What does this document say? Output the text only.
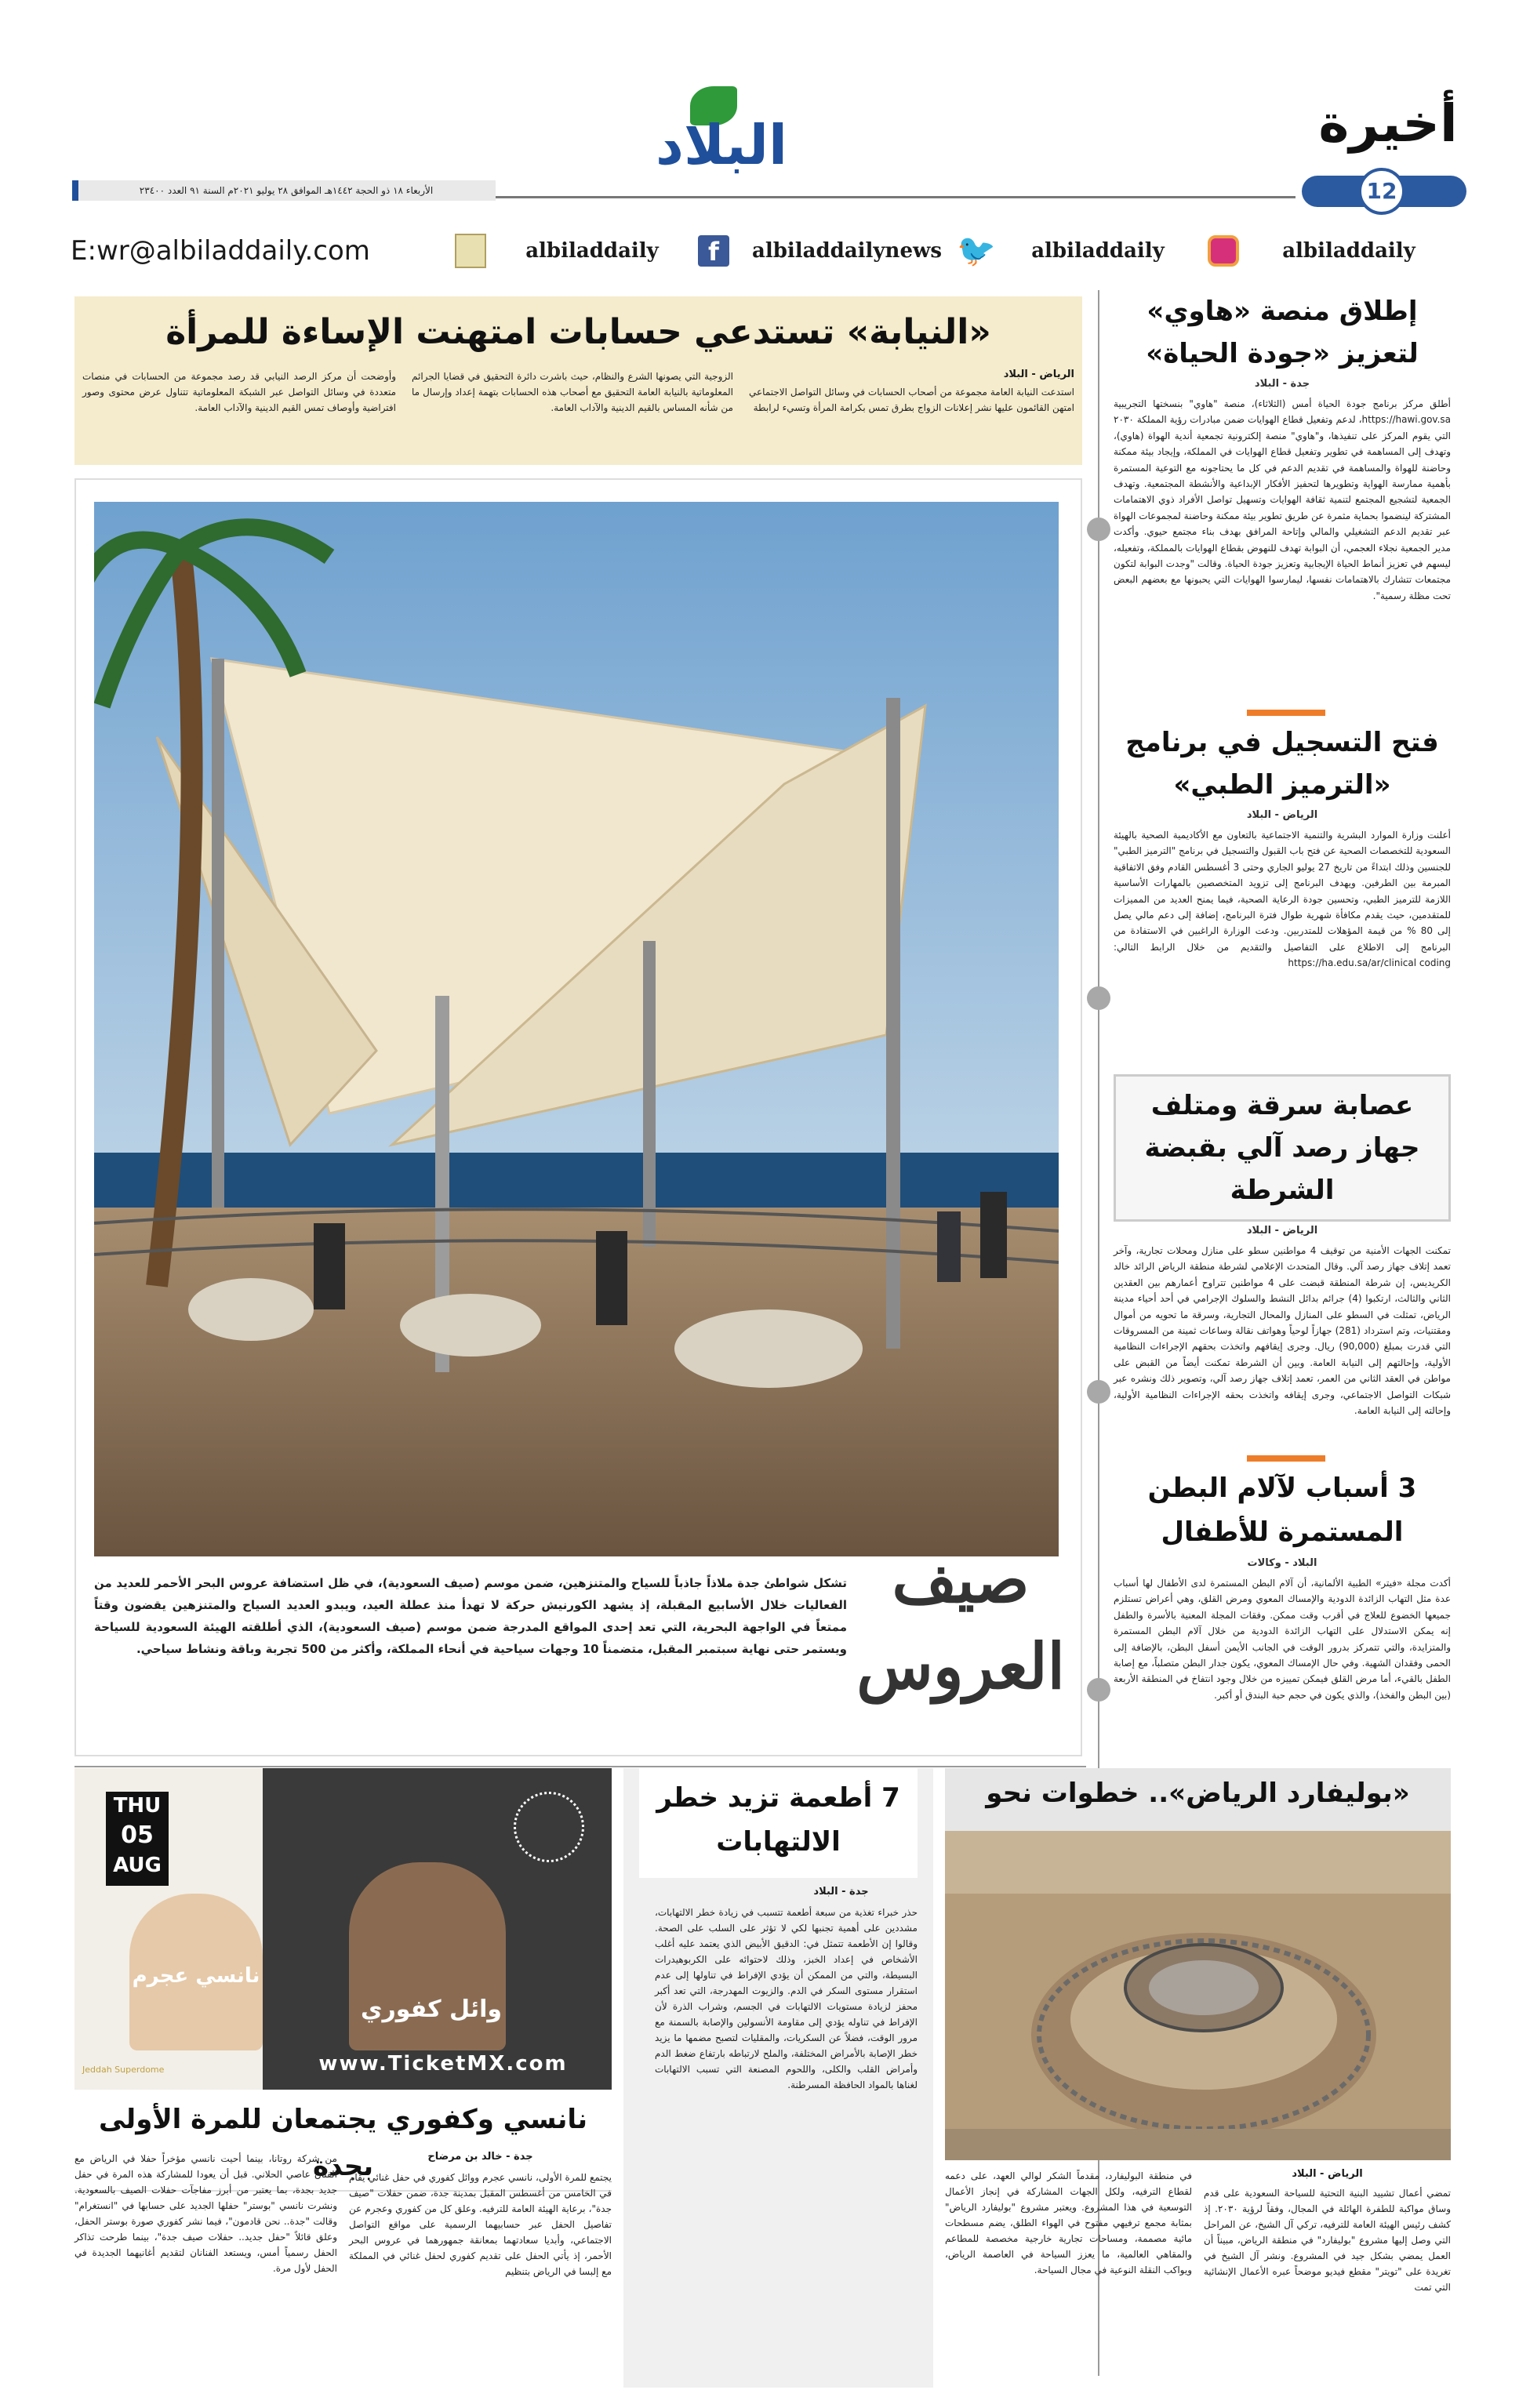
أخيرة
12
البلاد
الأربعاء ١٨ ذو الحجة ١٤٤٢هـ الموافق ٢٨ يوليو ٢٠٢١م السنة ٩١ العدد ٢٣٤٠٠
albiladdaily
🐦	albiladdaily
f	albiladdailynews
albiladdaily
E:wr@albiladdaily.com
إطلاق منصة «هاوي» لتعزيز «جودة الحياة»
جدة - البلاد
أطلق مركز برنامج جودة الحياة أمس (الثلاثاء)، منصة "هاوي" بنسختها التجريبية https://hawi.gov.sa، لدعم وتفعيل قطاع الهوايات ضمن مبادرات رؤية المملكة ٢٠٣٠ التي يقوم المركز على تنفيذها، و"هاوي" منصة إلكترونية تجمعية أندية الهواة (هاوي)، وتهدف إلى المساهمة في تطوير وتفعيل قطاع الهوايات في المملكة، وإيجاد بيئة ممكنة وحاضنة للهواة والمساهمة في تقديم الدعم في كل ما يحتاجونه مع التوعية المستمرة بأهمية ممارسة الهواية وتطويرها لتحفيز الأفكار الإبداعية والأنشطة المجتمعية. وتهدف الجمعية لتشجيع المجتمع لتنمية ثقافة الهوايات وتسهيل تواصل الأفراد ذوي الاهتمامات المشتركة لينضموا بحماية مثمرة عن طريق تطوير بيئة ممكنة وحاضنة لمجموعات الهواة عبر تقديم الدعم التشغيلي والمالي وإتاحة المرافق بهدف بناء مجتمع حيوي. وأكدت مدير الجمعية نجلاء العجمي، أن البوابة تهدف للنهوض بقطاع الهوايات بالمملكة، وتفعيله، ليسهم في تعزيز أنماط الحياة الإيجابية وتعزيز جودة الحياة. وقالت "وجدت البوابة لتكون مجتمعات تتشارك بالاهتمامات نفسها، ليمارسوا الهوايات التي يحبونها مع بعضهم البعض تحت مظلة رسمية".
فتح التسجيل في برنامج «الترميز الطبي»
الرياض - البلاد
أعلنت وزارة الموارد البشرية والتنمية الاجتماعية بالتعاون مع الأكاديمية الصحية بالهيئة السعودية للتخصصات الصحية عن فتح باب القبول والتسجيل في برنامج "الترميز الطبي" للجنسين وذلك ابتداءً من تاريخ 27 يوليو الجاري وحتى 3 أغسطس القادم وفق الاتفاقية المبرمة بين الطرفين. ويهدف البرنامج إلى تزويد المتخصصين بالمهارات الأساسية اللازمة للترميز الطبي، وتحسين جودة الرعاية الصحية، فيما يمنح العديد من المميزات للمتقدمين، حيث يقدم مكافأة شهرية طوال فترة البرنامج، إضافة إلى دعم مالي يصل إلى 80 % من قيمة المؤهلات للمتدربين. ودعت الوزارة الراغبين في الاستفادة من البرنامج إلى الاطلاع على التفاصيل والتقديم من خلال الرابط التالي: https://ha.edu.sa/ar/clinical coding
عصابة سرقة ومتلف جهاز رصد آلي بقبضة الشرطة
الرياض - البلاد
تمكنت الجهات الأمنية من توقيف 4 مواطنين سطو على منازل ومحلات تجارية، وآخر تعمد إتلاف جهاز رصد آلي. وقال المتحدث الإعلامي لشرطة منطقة الرياض الرائد خالد الكريديس، إن شرطة المنطقة قبضت على 4 مواطنين تتراوح أعمارهم بين العقدين الثاني والثالث، ارتكبوا (4) جرائم بدائل النشط والسلوك الإجرامي في أحد أحياء مدينة الرياض، تمثلت في السطو على المنازل والمحال التجارية، وسرقة ما تحويه من أموال ومقتنيات، وتم استرداد (281) جهازاً لوحياً وهواتف نقالة وساعات ثمينة من المسروقات التي قدرت بمبلغ (90,000) ريال. وجرى إيقافهم واتخذت بحقهم الإجراءات النظامية الأولية، وإحالتهم إلى النيابة العامة. وبين أن الشرطة تمكنت أيضاً من القبض على مواطن في العقد الثاني من العمر، تعمد إتلاف جهاز رصد آلي، وتصوير ذلك ونشره عبر شبكات التواصل الاجتماعي، وجرى إيقافه واتخذت بحقه الإجراءات النظامية الأولية، وإحالته إلى النيابة العامة.
3 أسباب لآلام البطن المستمرة للأطفال
البلاد - وكالات
أكدت مجلة «فيتر» الطبية الألمانية، أن آلام البطن المستمرة لدى الأطفال لها أسباب عدة مثل التهاب الزائدة الدودية والإمساك المعوي ومرض القلق، وهي أعراض تستلزم جميعها الخضوع للعلاج في أقرب وقت ممكن. وفقات المجلة المعنية بالأسرة والطفل إنه يمكن الاستدلال على التهاب الزائدة الدودية من خلال آلام البطن المستمرة والمتزايدة، والتي تتمركز بدرور الوقت في الجانب الأيمن أسفل البطن، بالإضافة إلى الحمى وفقدان الشهية. وفي حال الإمساك المعوي، يكون جدار البطن متصلباً، مع إصابة الطفل بالقيء، أما مرض القلق فيمكن تمييزه من خلال وجود انتفاخ في المنطقة الأربعة (بين البطن والفخذ)، والذي يكون في حجم حبة البندق أو أكبر.
«النيابة» تستدعي حسابات امتهنت الإساءة للمرأة
الرياض - البلاد
استدعت النيابة العامة مجموعة من أصحاب الحسابات في وسائل التواصل الاجتماعي امتهن القائمون عليها نشر إعلانات الزواج بطرق تمس بكرامة المرأة وتسيء لرابطة
الزوجية التي يصونها الشرع والنظام، حيث باشرت دائرة التحقيق في قضايا الجرائم المعلوماتية بالنيابة العامة التحقيق مع أصحاب هذه الحسابات بتهمة إعداد وإرسال ما من شأنه المساس بالقيم الدينية والآداب العامة.
وأوضحت أن مركز الرصد النيابي قد رصد مجموعة من الحسابات في منصات متعددة في وسائل التواصل عبر الشبكة المعلوماتية تتناول عرض محتوى وصور افتراضية وأوصاف تمس القيم الدينية والآداب العامة.
صيف
العروس
تشكل شواطئ جدة ملاذاً جاذباً للسياح والمتنزهين، ضمن موسم (صيف السعودية)، في ظل استضافة عروس البحر الأحمر للعديد من الفعاليات خلال الأسابيع المقبلة، إذ يشهد الكورنيش حركة لا تهدأ منذ عطلة العيد، ويبدو العديد السياح والمتنزهين يقضون وقتاً ممتعاً في الواجهة البحرية، التي تعد إحدى المواقع المدرجة ضمن موسم (صيف السعودية)، الذي أطلقته الهيئة السعودية للسياحة ويستمر حتى نهاية سبتمبر المقبل، متضمناً 10 وجهات سياحية في أنحاء المملكة، وأكثر من 500 تجربة وباقة ونشاط سياحي.
«بوليفارد الرياض».. خطوات نحو
الرياض - البلاد
تمضي أعمال تشييد البنية التحتية للسياحة السعودية على قدم وساق مواكبة للطفرة الهائلة في المجال، وفقاً لرؤية ٢٠٣٠. إذ كشف رئيس الهيئة العامة للترفيه، تركي آل الشيخ، عن المراحل التي وصل إليها مشروع "بوليفارد" في منطقة الرياض، مبيناً أن العمل يمضي بشكل جيد في المشروع. ونشر آل الشيخ في تغريدة على "تويتر" مقطع فيديو موضحاً عبره الأعمال الإنشائية التي تمت
في منطقة البوليفارد، مقدماً الشكر لوالي العهد، على دعمه لقطاع الترفيه، ولكل الجهات المشاركة في إنجاز الأعمال التوسعية في هذا المشروع. ويعتبر مشروع "بوليفارد الرياض" بمثابة مجمع ترفيهي مفتوح في الهواء الطلق، يضم مسطحات مائية مصممة، ومساحات تجارية خارجية مخصصة للمطاعم والمقاهي العالمية، ما يعزز السياحة في العاصمة الرياض، ويواكب النقلة النوعية في مجال السياحة.
7 أطعمة تزيد خطر الالتهابات
جدة - البلاد
حذر خبراء تغذية من سبعة أطعمة تتسبب في زيادة خطر الالتهابات، مشددين على أهمية تجنبها لكي لا تؤثر على السلب على الصحة. وقالوا إن الأطعمة تتمثل في: الدقيق الأبيض الذي يعتمد عليه أغلب الأشخاص في إعداد الخبز، وذلك لاحتوائه على الكربوهيدرات البسيطة، والتي من الممكن أن يؤدي الإفراط في تناولها إلى عدم استقرار مستوى السكر في الدم. والزيوت المهدرجة، التي تعد أكبر محفز لزيادة مستويات الالتهابات في الجسم، وشراب الذرة لأن الإفراط في تناوله يؤدي إلى مقاومة الأنسولين والإصابة بالسمنة مع مرور الوقت، فضلاً عن السكريات، والمقليات لتصبح مضمها ما يزيد خطر الإصابة بالأمراض المختلفة، والملح لارتباطه بارتفاع ضغط الدم وأمراض القلب والكلى، واللحوم المصنعة التي تسبب الالتهابات لغناها بالمواد الحافظة المسرطنة.
THU
05
AUG
نانسي عجرم
وائل كفوري
Jeddah Superdome	www.TicketMX.com
نانسي وكفوري يجتمعان للمرة الأولى بجدة	جدة - خالد بن مرضاح
يجتمع للمرة الأولى، نانسي عجرم ووائل كفوري في حفل غنائي يقام في الخامس من أغسطس المقبل بمدينة جدة، ضمن حفلات "صيف جدة"، برعاية الهيئة العامة للترفيه. وعلق كل من كفوري وعجرم عن تفاصيل الحفل عبر حسابيهما الرسمية على مواقع التواصل الاجتماعي، وأبديا سعادتهما بمعانقة جمهورهما في عروس البحر الأحمر، إذ يأتي الحفل على تقديم كفوري لحفل غنائي في المملكة مع إلبسا في الرياض بتنظيم
من شركة روتانا، بينما أحيت نانسي مؤخراً حفلا في الرياض مع الفنان عاصي الحلاني. قبل أن يعودا للمشاركة هذه المرة في حفل جديد بجدة، بما يعتبر من أبرز مفاجآت حفلات الصيف بالسعودية. ونشرت نانسي "بوستر" حفلها الجديد على حسابها في "انستغرام" وقالت "جدة.. نحن قادمون"، فيما نشر كفوري صورة بوستر الحفل، وعلق قائلاً "حفل جديد.. حفلات صيف جدة"، بينما طرحت تذاكر الحفل رسمياً أمس، ويستعد الفنانان لتقديم أغانيهما الجديدة في الحفل لأول مرة.
